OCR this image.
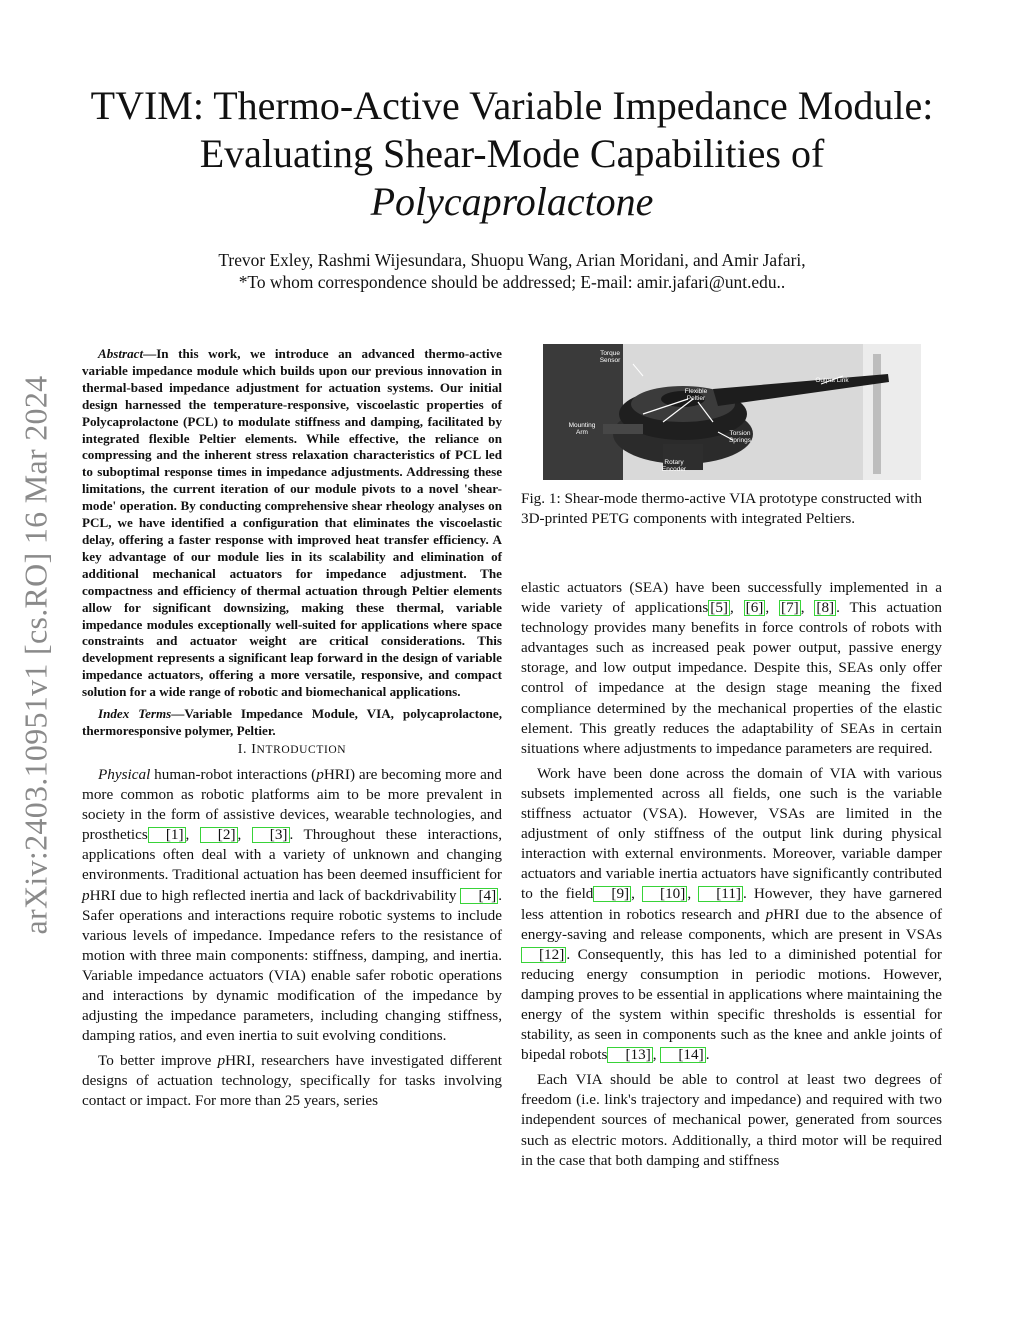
arXiv:2403.10951v1 [cs.RO] 16 Mar 2024
TVIM: Thermo-Active Variable Impedance Module:
Evaluating Shear-Mode Capabilities of
Polycaprolactone
Trevor Exley, Rashmi Wijesundara, Shuopu Wang, Arian Moridani, and Amir Jafari,
*To whom correspondence should be addressed; E-mail: amir.jafari@unt.edu..

Abstract—In this work, we introduce an advanced thermo-active variable impedance module which builds upon our previous innovation in thermal-based impedance adjustment for actuation systems. Our initial design harnessed the temperature-responsive, viscoelastic properties of Polycaprolactone (PCL) to modulate stiffness and damping, facilitated by integrated flexible Peltier elements. While effective, the reliance on compressing and the inherent stress relaxation characteristics of PCL led to suboptimal response times in impedance adjustments. Addressing these limitations, the current iteration of our module pivots to a novel 'shear-mode' operation. By conducting comprehensive shear rheology analyses on PCL, we have identified a configuration that eliminates the viscoelastic delay, offering a faster response with improved heat transfer efficiency. A key advantage of our module lies in its scalability and elimination of additional mechanical actuators for impedance adjustment. The compactness and efficiency of thermal actuation through Peltier elements allow for significant downsizing, making these thermal, variable impedance modules exceptionally well-suited for applications where space constraints and actuator weight are critical considerations. This development represents a significant leap forward in the design of variable impedance actuators, offering a more versatile, responsive, and compact solution for a wide range of robotic and biomechanical applications.

Index Terms—Variable Impedance Module, VIA, polycaprolactone, thermoresponsive polymer, Peltier.

I. INTRODUCTION

Physical human-robot interactions (pHRI) are becoming more and more common as robotic platforms aim to be more prevalent in society in the form of assistive devices, wearable technologies, and prosthetics [1] , [2] , [3] . Throughout these interactions, applications often deal with a variety of unknown and changing environments. Traditional actuation has been deemed insufficient for pHRI due to high reflected inertia and lack of backdrivability [4] . Safer operations and interactions require robotic systems to include various levels of impedance. Impedance refers to the resistance of motion with three main components: stiffness, damping, and inertia. Variable impedance actuators (VIA) enable safer robotic operations and interactions by dynamic modification of the impedance by adjusting the impedance parameters, including changing stiffness, damping ratios, and even inertia to suit evolving conditions.

To better improve pHRI, researchers have investigated different designs of actuation technology, specifically for tasks involving contact or impact. For more than 25 years, series

Torque Sensor
Output Link
Flexible Peltier
Mounting Arm	Torsion Springs
Rotary Encoder
Fig. 1: Shear-mode thermo-active VIA prototype constructed with 3D-printed PETG components with integrated Peltiers.

elastic actuators (SEA) have been successfully implemented in a wide variety of applications [5] , [6] , [7] , [8] . This actuation technology provides many benefits in force controls of robots with advantages such as increased peak power output, passive energy storage, and low output impedance. Despite this, SEAs only offer control of impedance at the design stage meaning the fixed compliance determined by the mechanical properties of the elastic element. This greatly reduces the adaptability of SEAs in certain situations where adjustments to impedance parameters are required.

Work have been done across the domain of VIA with various subsets implemented across all fields, one such is the variable stiffness actuator (VSA). However, VSAs are limited in the adjustment of only stiffness of the output link during physical interaction with external environments. Moreover, variable damper actuators and variable inertia actuators have significantly contributed to the field [9] , [10] , [11] . However, they have garnered less attention in robotics research and pHRI due to the absence of energy-saving and release components, which are present in VSAs[12] . Consequently, this has led to a diminished potential for reducing energy consumption in periodic motions. However, damping proves to be essential in applications where maintaining the energy of the system within specific thresholds is essential for stability, as seen in components such as the knee and ankle joints of bipedal robots [13] , [14] .

Each VIA should be able to control at least two degrees of freedom (i.e. link's trajectory and impedance) and required with two independent sources of mechanical power, generated from sources such as electric motors. Additionally, a third motor will be required in the case that both damping and stiffness
